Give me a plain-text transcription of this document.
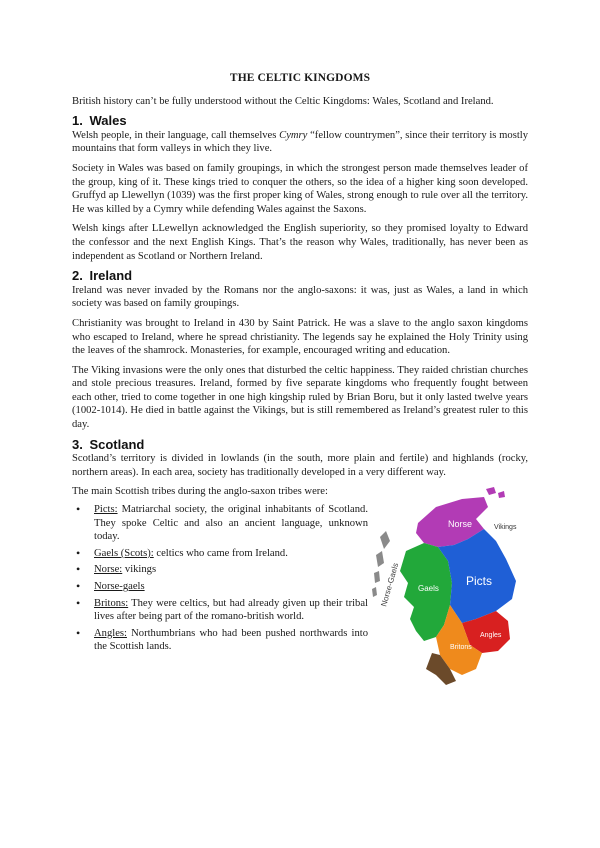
THE CELTIC KINGDOMS

British history can’t be fully understood without the Celtic Kingdoms: Wales, Scotland and Ireland.

1. Wales

Welsh people, in their language, call themselves Cymry “fellow countrymen”, since their territory is mostly mountains that form valleys in which they live.

Society in Wales was based on family groupings, in which the strongest person made themselves leader of the group, king of it. These kings tried to conquer the others, so the idea of a higher king soon developed. Gruffyd ap Llewellyn (1039) was the first proper king of Wales, strong enough to rule over all the territory. He was killed by a Cymry while defending Wales against the Saxons.

Welsh kings after LLewellyn acknowledged the English superiority, so they promised loyalty to Edward the confessor and the next English Kings. That’s the reason why Wales, traditionally, has never been as independent as Scotland or Northern Ireland.

2. Ireland

Ireland was never invaded by the Romans nor the anglo-saxons: it was, just as Wales, a land in which society was based on family groupings.

Christianity was brought to Ireland in 430 by Saint Patrick. He was a slave to the anglo saxon kingdoms who escaped to Ireland, where he spread christianity. The legends say he explained the Holy Trinity using the leaves of the shamrock. Monasteries, for example, encouraged writing and education.

The Viking invasions were the only ones that disturbed the celtic happiness. They raided christian churches and stole precious treasures. Ireland, formed by five separate kingdoms who frequently fought between each other, tried to come together in one high kingship ruled by Brian Boru, but it only lasted twelve years (1002-1014). He died in battle against the Vikings, but is still remembered as Ireland’s greatest ruler to this day.

3. Scotland

Scotland’s territory is divided in lowlands (in the south, more plain and fertile) and highlands (rocky, northern areas). In each area, society has traditionally developed in a very different way.

The main Scottish tribes during the anglo-saxon tribes were:

• Picts: Matriarchal society, the original inhabitants of Scotland. They spoke Celtic and also an ancient language, unknown today.
• Gaels (Scots): celtics who came from Ireland.
• Norse: vikings
• Norse-gaels
• Britons: They were celtics, but had already given up their tribal lives after being part of the romano-british world.
• Angles: Northumbrians who had been pushed northwards into the Scottish lands.
Norse	Vikings
Norse-Gaels	Picts
Gaels
Angles
Britons
